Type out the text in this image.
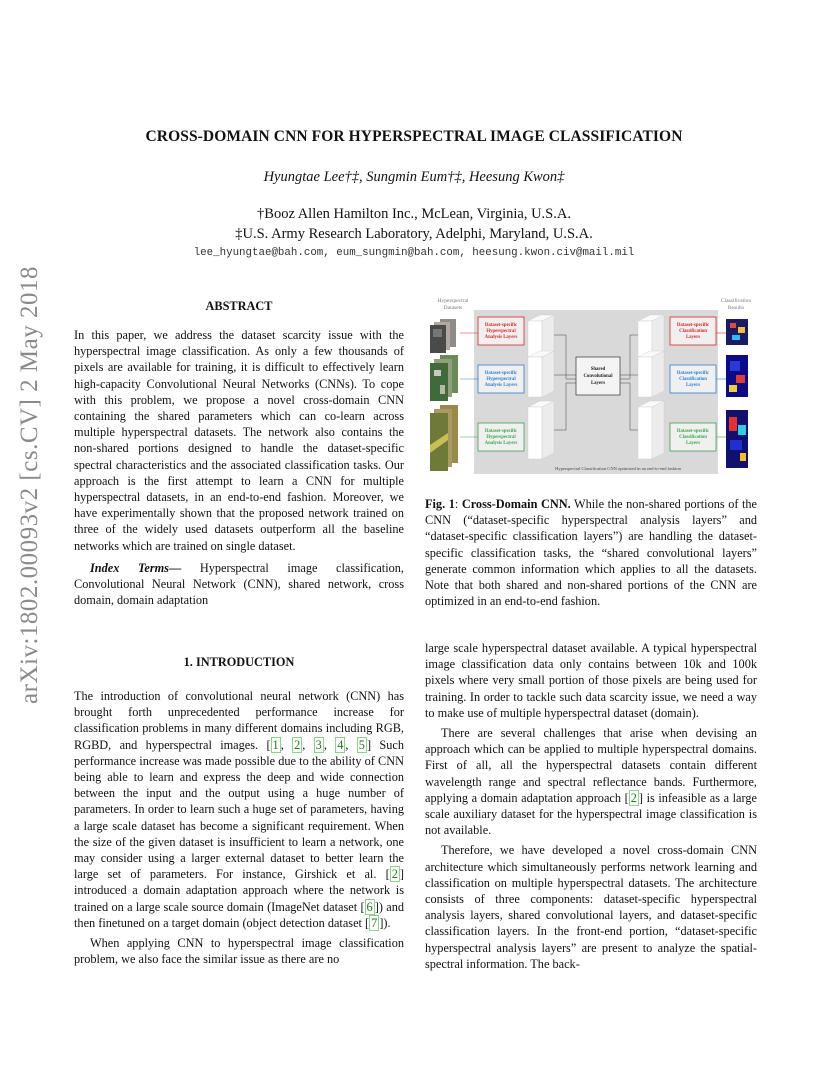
arXiv:1802.00093v2 [cs.CV] 2 May 2018
CROSS-DOMAIN CNN FOR HYPERSPECTRAL IMAGE CLASSIFICATION
Hyungtae Lee†‡, Sungmin Eum†‡, Heesung Kwon‡
†Booz Allen Hamilton Inc., McLean, Virginia, U.S.A.
‡U.S. Army Research Laboratory, Adelphi, Maryland, U.S.A.
lee_hyungtae@bah.com, eum_sungmin@bah.com, heesung.kwon.civ@mail.mil
ABSTRACT

In this paper, we address the dataset scarcity issue with the hyperspectral image classification. As only a few thousands of pixels are available for training, it is difficult to effectively learn high-capacity Convolutional Neural Networks (CNNs). To cope with this problem, we propose a novel cross-domain CNN containing the shared parameters which can co-learn across multiple hyperspectral datasets. The network also contains the non-shared portions designed to handle the dataset-specific spectral characteristics and the associated classification tasks. Our approach is the first attempt to learn a CNN for multiple hyperspectral datasets, in an end-to-end fashion. Moreover, we have experimentally shown that the proposed network trained on three of the widely used datasets outperform all the baseline networks which are trained on single dataset.

Index Terms— Hyperspectral image classification, Convolutional Neural Network (CNN), shared network, cross domain, domain adaptation

1. INTRODUCTION

The introduction of convolutional neural network (CNN) has brought forth unprecedented performance increase for classification problems in many different domains including RGB, RGBD, and hyperspectral images. [ 1 , 2 , 3 , 4 , 5 ] Such performance increase was made possible due to the ability of CNN being able to learn and express the deep and wide connection between the input and the output using a huge number of parameters. In order to learn such a huge set of parameters, having a large scale dataset has become a significant requirement. When the size of the given dataset is insufficient to learn a network, one may consider using a larger external dataset to better learn the large set of parameters. For instance, Girshick et al. [ 2 ] introduced a domain adaptation approach where the network is trained on a large scale source domain (ImageNet dataset [ 6 ]) and then finetuned on a target domain (object detection dataset [ 7 ]).

When applying CNN to hyperspectral image classification problem, we also face the similar issue as there are no

Hyperspectral
Datasets
Classification
Results
Dataset-specific
Hyperspectral
Analysis Layers
Dataset-specific
Hyperspectral
Analysis Layers
Dataset-specific
Hyperspectral
Analysis Layers
Shared
Convolutional
Layers
Dataset-specific
Classification
Layers
Dataset-specific
Classification
Layers
Dataset-specific
Classification
Layers
Hyperspectral Classification CNN optimized in an end-to-end fashion
Fig. 1: Cross-Domain CNN. While the non-shared portions of the CNN (“dataset-specific hyperspectral analysis layers” and “dataset-specific classification layers”) are handling the dataset-specific classification tasks, the “shared convolutional layers” generate common information which applies to all the datasets. Note that both shared and non-shared portions of the CNN are optimized in an end-to-end fashion.

large scale hyperspectral dataset available. A typical hyperspectral image classification data only contains between 10k and 100k pixels where very small portion of those pixels are being used for training. In order to tackle such data scarcity issue, we need a way to make use of multiple hyperspectral dataset (domain).

There are several challenges that arise when devising an approach which can be applied to multiple hyperspectral domains. First of all, all the hyperspectral datasets contain different wavelength range and spectral reflectance bands. Furthermore, applying a domain adaptation approach [ 2 ] is infeasible as a large scale auxiliary dataset for the hyperspectral image classification is not available.

Therefore, we have developed a novel cross-domain CNN architecture which simultaneously performs network learning and classification on multiple hyperspectral datasets. The architecture consists of three components: dataset-specific hyperspectral analysis layers, shared convolutional layers, and dataset-specific classification layers. In the front-end portion, “dataset-specific hyperspectral analysis layers” are present to analyze the spatial-spectral information. The back-
